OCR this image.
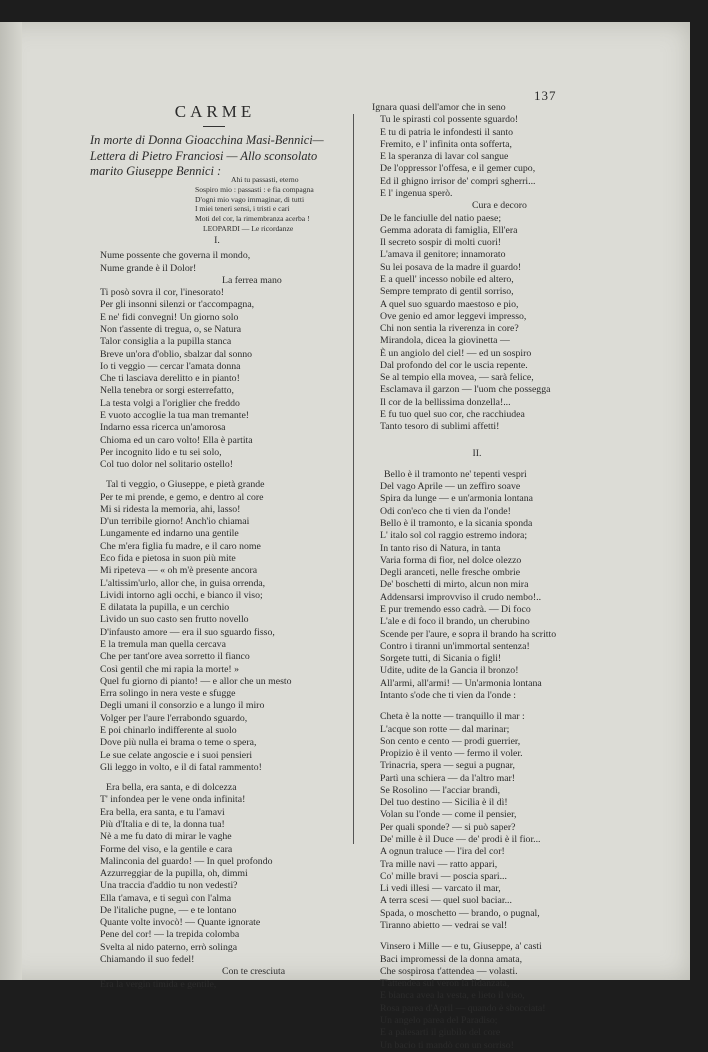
137
CARME
In morte di Donna Gioacchina Masi-Bennici—
Lettera di Pietro Franciosi — Allo sconsolato
marito Giuseppe Bennici :
Ahi tu passasti, eterno
Sospiro mio : passasti : e fia compagna
D'ogni mio vago immaginar, di tutti
I miei teneri sensi, i tristi e cari
Moti del cor, la rimembranza acerba !
LEOPARDI — Le ricordanze
I.
Nume possente che governa il mondo,
Nume grande è il Dolor!
La ferrea mano
Ti posò sovra il cor, l'inesorato!
Per gli insonni silenzi or t'accompagna,
E ne' fidi convegni! Un giorno solo
Non t'assente di tregua, o, se Natura
Talor consiglia a la pupilla stanca
Breve un'ora d'oblio, sbalzar dal sonno
Io ti veggio — cercar l'amata donna
Che ti lasciava derelitto e in pianto!
Nella tenebra or sorgi esterrefatto,
La testa volgi a l'origlier che freddo
E vuoto accoglie la tua man tremante!
Indarno essa ricerca un'amorosa
Chioma ed un caro volto! Ella è partita
Per incognito lido e tu sei solo,
Col tuo dolor nel solitario ostello!
Tal ti veggio, o Giuseppe, e pietà grande
Per te mi prende, e gemo, e dentro al core
Mi si ridesta la memoria, ahi, lasso!
D'un terribile giorno! Anch'io chiamai
Lungamente ed indarno una gentile
Che m'era figlia fu madre, e il caro nome
Eco fida e pietosa in suon più mite
Mi ripeteva — « oh m'è presente ancora
L'altissim'urlo, allor che, in guisa orrenda,
Lividi intorno agli occhi, e bianco il viso;
E dilatata la pupilla, e un cerchio
Lìvido un suo casto sen frutto novello
D'infausto amore — era il suo sguardo fisso,
E la tremula man quella cercava
Che per tant'ore avea sorretto il fianco
Così gentil che mi rapia la morte! »
Quel fu giorno di pianto! — e allor che un mesto
Erra solingo in nera veste e sfugge
Degli umani il consorzio e a lungo il miro
Volger per l'aure l'errabondo sguardo,
E poi chinarlo indifferente al suolo
Dove più nulla ei brama o teme o spera,
Le sue celate angoscie e i suoi pensieri
Gli leggo in volto, e il di fatal rammento!
Era bella, era santa, e di dolcezza
T' infondea per le vene onda infinita!
Era bella, era santa, e tu l'amavi
Più d'Italia e di te, la donna tua!
Nè a me fu dato di mirar le vaghe
Forme del viso, e la gentile e cara
Malinconia del guardo! — In quel profondo
Azzurreggiar de la pupilla, oh, dimmi
Una traccia d'addio tu non vedesti?
Ella t'amava, e ti seguì con l'alma
De l'italiche pugne, — e te lontano
Quante volte invocò! — Quante ignorate
Pene del cor! — la trepida colomba
Svelta al nido paterno, errò solinga
Chiamando il suo fedel!
Con te cresciuta
Era la vergin timida e gentile,
Ignara quasi dell'amor che in seno
Tu le spirasti col possente sguardo!
E tu di patria le infondesti il santo
Fremito, e l' infinita onta sofferta,
E la speranza di lavar col sangue
De l'oppressor l'offesa, e il gemer cupo,
Ed il ghigno irrisor de' compri sgherri...
E l' ingenua sperò.
Cura e decoro
De le fanciulle del natio paese;
Gemma adorata di famiglia, Ell'era
Il secreto sospir di molti cuori!
L'amava il genitore; innamorato
Su lei posava de la madre il guardo!
E a quell' incesso nobile ed altero,
Sempre temprato di gentil sorriso,
A quel suo sguardo maestoso e pio,
Ove genio ed amor leggevi impresso,
Chi non sentia la riverenza in core?
Mirandola, dicea la giovinetta —
È un angiolo del ciel! — ed un sospiro
Dal profondo del cor le uscia repente.
Se al tempio ella movea, — sarà felice,
Esclamava il garzon — l'uom che possegga
Il cor de la bellissima donzella!...
E fu tuo quel suo cor, che racchiudea
Tanto tesoro di sublimi affetti!
II.
Bello è il tramonto ne' tepenti vespri
Del vago Aprile — un zeffiro soave
Spira da lunge — e un'armonia lontana
Odi con'eco che ti vien da l'onde!
Bello è il tramonto, e la sicania sponda
L' italo sol col raggio estremo indora;
In tanto riso di Natura, in tanta
Varia forma di fior, nel dolce olezzo
Degli aranceti, nelle fresche ombrie
De' boschetti di mirto, alcun non mira
Addensarsi improvviso il crudo nembo!..
E pur tremendo esso cadrà. — Di foco
L'ale e di foco il brando, un cherubino
Scende per l'aure, e sopra il brando ha scritto
Contro i tiranni un'immortal sentenza!
Sorgete tutti, di Sicania o figli!
Udite, udite de la Gancia il bronzo!
All'armi, all'armi! — Un'armonia lontana
Intanto s'ode che ti vien da l'onde :
Cheta è la notte — tranquillo il mar :
L'acque son rotte — dal marinar;
Son cento e cento — prodi guerrier,
Propizio è il vento — fermo il voler.
Trinacria, spera — segui a pugnar,
Partì una schiera — da l'altro mar!
Se Rosolino — l'acciar brandì,
Del tuo destino — Sicilia è il dì!
Volan su l'onde — come il pensier,
Per quali sponde? — si può saper?
De' mille è il Duce — de' prodi è il fior...
A ognun traluce — l'ira del cor!
Tra mille navi — ratto appari,
Co' mille bravi — poscia spari...
Li vedi illesi — varcato il mar,
A terra scesi — quel suol baciar...
Spada, o moschetto — brando, o pugnal,
Tiranno abietto — vedrai se val!
Vinsero i Mille — e tu, Giuseppe, a' casti
Baci impromessi de la donna amata,
Che sospirosa t'attendea — volasti.
T'attendea sul veron la fidanzata,
E bianca avea la vesta, e lieto il viso,
Rosa parea d'April — quando è sbocciata!
Un angelo parea del Paradiso;
E a palesarti il giubilo del core
Un bacio ti mandò con un sorriso!
